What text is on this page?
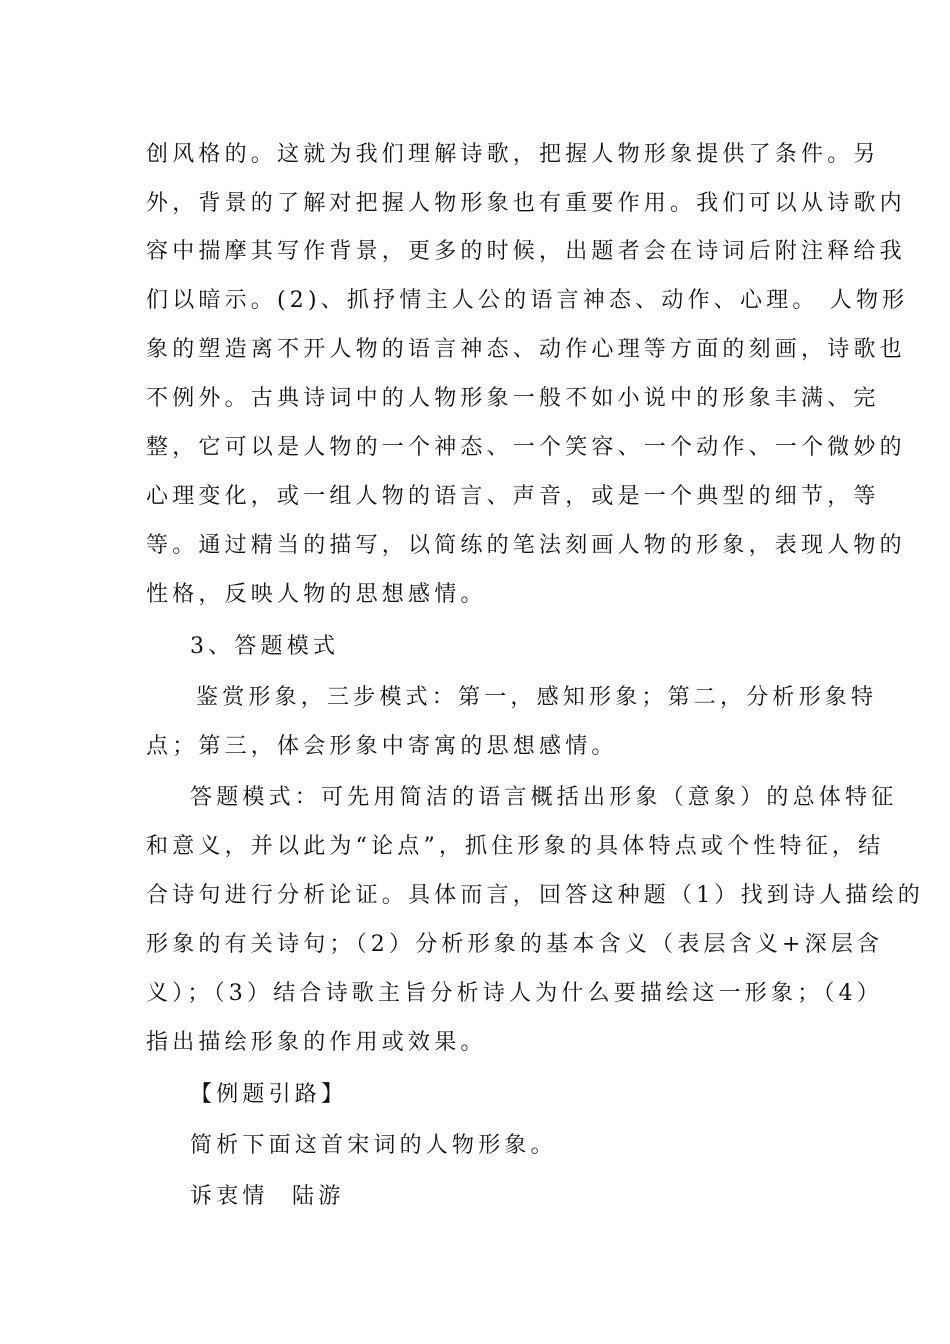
创风格的。这就为我们理解诗歌，把握人物形象提供了条件。另
外，背景的了解对把握人物形象也有重要作用。我们可以从诗歌内
容中揣摩其写作背景，更多的时候，出题者会在诗词后附注释给我
们以暗示。(2)、抓抒情主人公的语言神态、动作、心理。 人物形
象的塑造离不开人物的语言神态、动作心理等方面的刻画，诗歌也
不例外。古典诗词中的人物形象一般不如小说中的形象丰满、完
整，它可以是人物的一个神态、一个笑容、一个动作、一个微妙的
心理变化，或一组人物的语言、声音，或是一个典型的细节，等
等。通过精当的描写，以简练的笔法刻画人物的形象，表现人物的
性格，反映人物的思想感情。
3、答题模式
鉴赏形象，三步模式：第一，感知形象；第二，分析形象特
点；第三，体会形象中寄寓的思想感情。
答题模式：可先用简洁的语言概括出形象（意象）的总体特征
和意义，并以此为“论点”，抓住形象的具体特点或个性特征，结
合诗句进行分析论证。具体而言，回答这种题（1）找到诗人描绘的
形象的有关诗句；（2）分析形象的基本含义（表层含义+深层含
义）；（3）结合诗歌主旨分析诗人为什么要描绘这一形象；（4）
指出描绘形象的作用或效果。
【例题引路】
简析下面这首宋词的人物形象。
诉衷情 陆游
